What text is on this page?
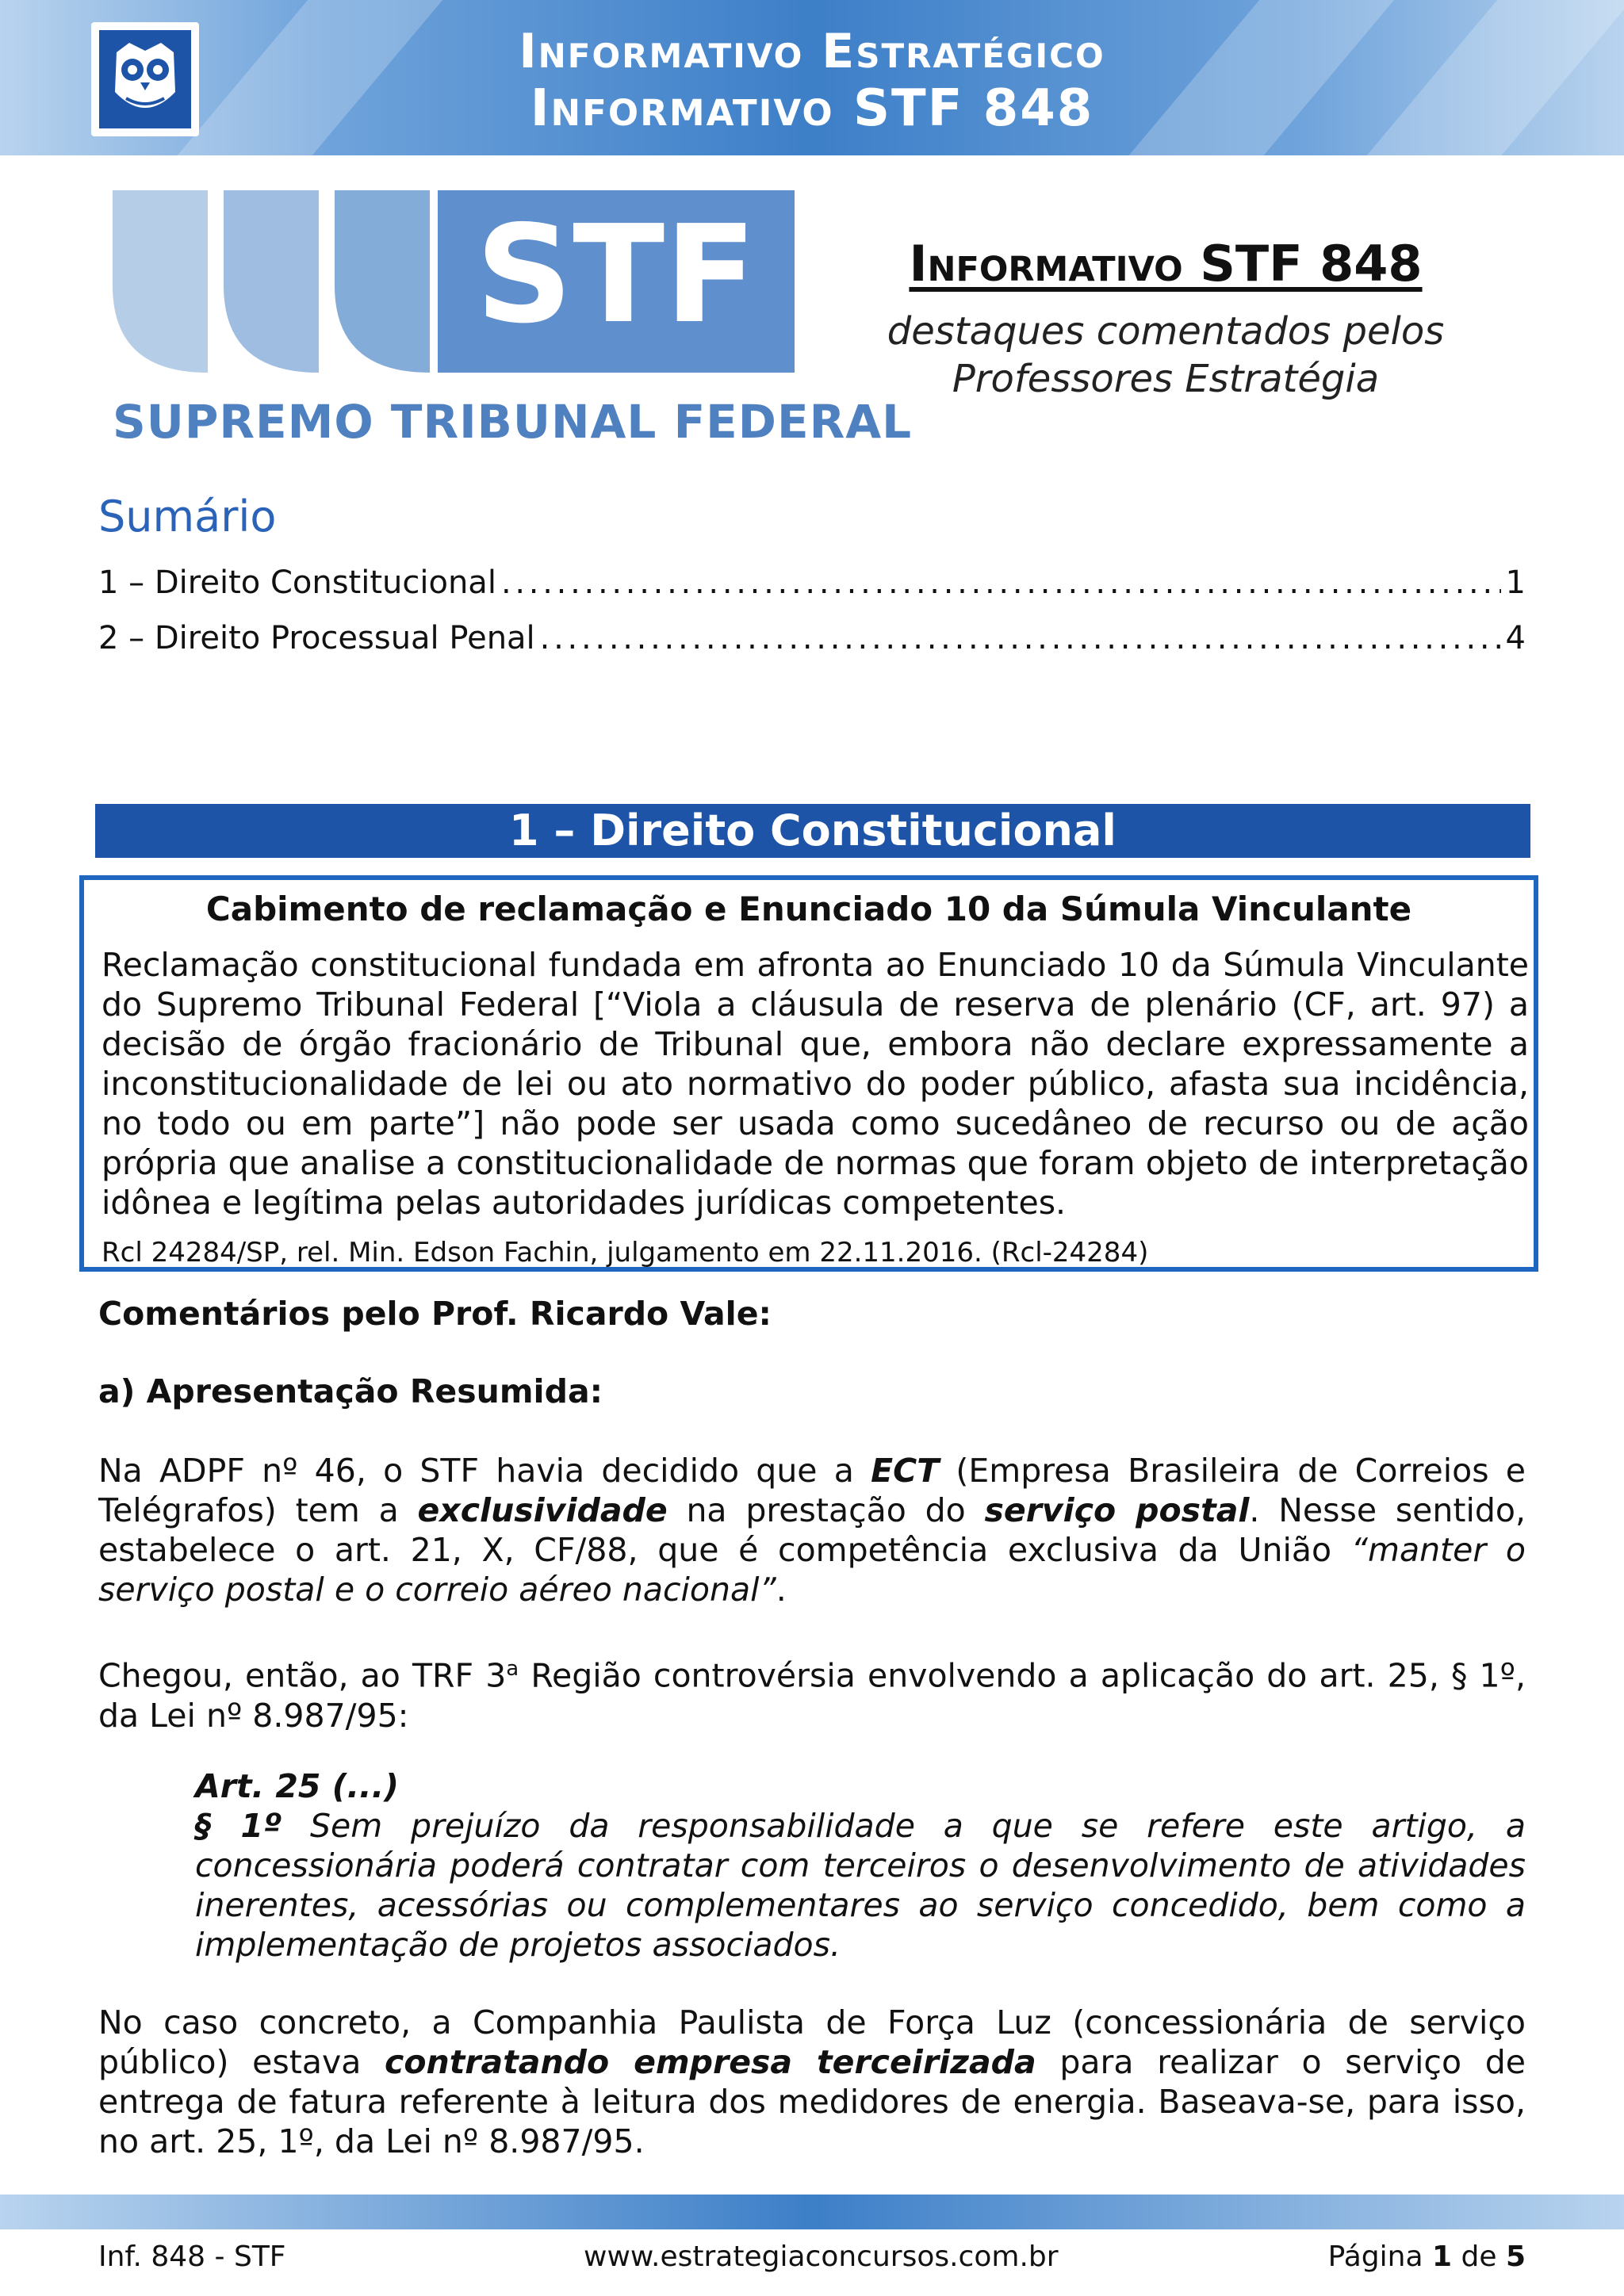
Informativo Estratégico
Informativo STF 848
STF
SUPREMO TRIBUNAL FEDERAL
Informativo STF 848
destaques comentados pelos
Professores Estratégia
Sumário
1 – Direito Constitucional . . .	1
2 – Direito Processual Penal . . .	4
1 – Direito Constitucional
Cabimento de reclamação e Enunciado 10 da Súmula Vinculante
Reclamação constitucional fundada em afronta ao Enunciado 10 da Súmula Vinculante do Supremo Tribunal Federal [“Viola a cláusula de reserva de plenário (CF, art. 97) a decisão de órgão fracionário de Tribunal que, embora não declare expressamente a inconstitucionalidade de lei ou ato normativo do poder público, afasta sua incidência, no todo ou em parte”] não pode ser usada como sucedâneo de recurso ou de ação própria que analise a constitucionalidade de normas que foram objeto de interpretação idônea e legítima pelas autoridades jurídicas competentes.
Rcl 24284/SP, rel. Min. Edson Fachin, julgamento em 22.11.2016. (Rcl-24284)
Comentários pelo Prof. Ricardo Vale:
a) Apresentação Resumida:
Na ADPF nº 46, o STF havia decidido que a ECT (Empresa Brasileira de Correios e Telégrafos) tem a exclusividade na prestação do serviço postal. Nesse sentido, estabelece o art. 21, X, CF/88, que é competência exclusiva da União “manter o serviço postal e o correio aéreo nacional”.
Chegou, então, ao TRF 3$^a$ Região controvérsia envolvendo a aplicação do art. 25, § 1º, da Lei nº 8.987/95:
Art. 25 (...)
§ 1º Sem prejuízo da responsabilidade a que se refere este artigo, a concessionária poderá contratar com terceiros o desenvolvimento de atividades inerentes, acessórias ou complementares ao serviço concedido, bem como a implementação de projetos associados.
No caso concreto, a Companhia Paulista de Força Luz (concessionária de serviço público) estava contratando empresa terceirizada para realizar o serviço de entrega de fatura referente à leitura dos medidores de energia. Baseava-se, para isso, no art. 25, 1º, da Lei nº 8.987/95.
Inf. 848 - STF	www.estrategiaconcursos.com.br	Página 1 de 5
